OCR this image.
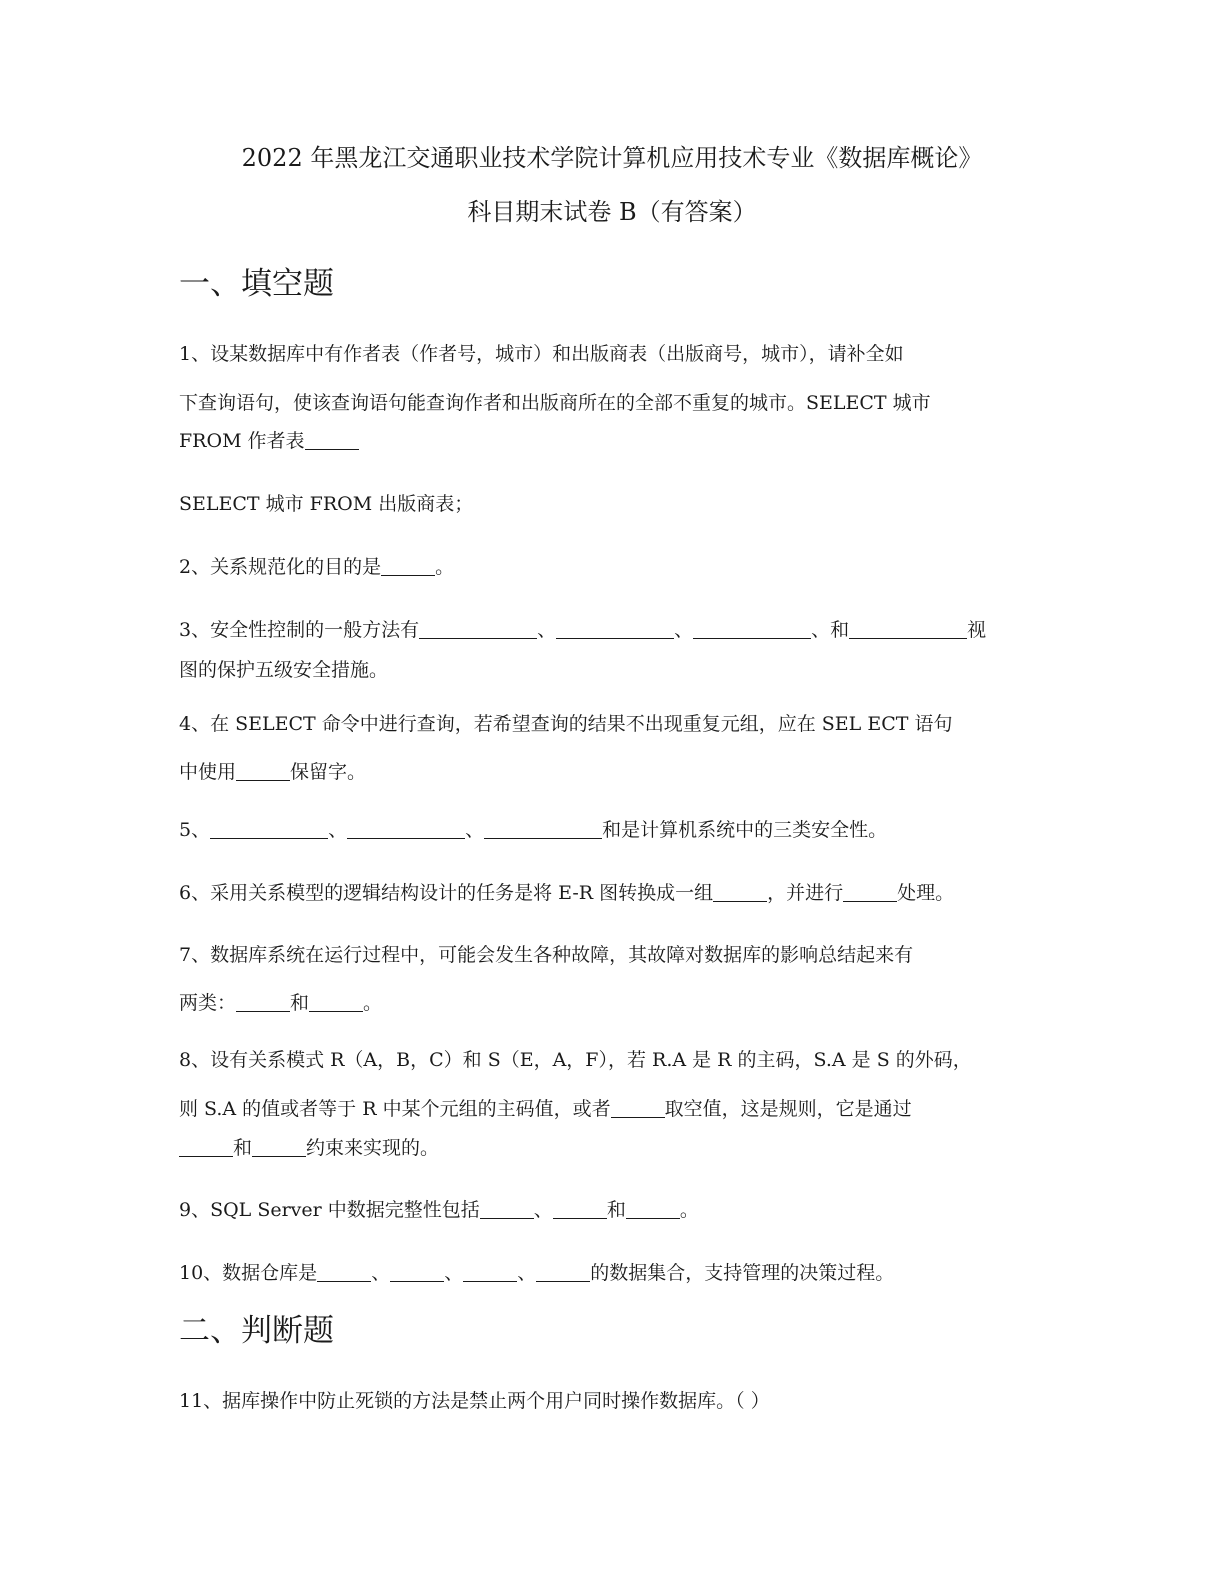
2022 年黑龙江交通职业技术学院计算机应用技术专业《数据库概论》
科目期末试卷 B（有答案）
一、填空题
1、设某数据库中有作者表（作者号，城市）和出版商表（出版商号，城市），请补全如
下查询语句，使该查询语句能查询作者和出版商所在的全部不重复的城市。SELECT 城市
FROM 作者表
SELECT 城市 FROM 出版商表；
2、关系规范化的目的是	。
3、安全性控制的一般方法有	、	、	、和	视
图的保护五级安全措施。
4、在 SELECT 命令中进行查询，若希望查询的结果不出现重复元组，应在 SEL ECT 语句
中使用	保留字。
5、	、	、	和是计算机系统中的三类安全性。
6、采用关系模型的逻辑结构设计的任务是将 E-R 图转换成一组	，并进行	处理。
7、数据库系统在运行过程中，可能会发生各种故障，其故障对数据库的影响总结起来有
两类：	和	。
8、设有关系模式 R（A，B，C）和 S（E，A，F），若 R.A 是 R 的主码，S.A 是 S 的外码，
则 S.A 的值或者等于 R 中某个元组的主码值，或者	取空值，这是规则，它是通过
和	约束来实现的。
9、SQL Server 中数据完整性包括	、	和	。
10、数据仓库是	、	、	、	的数据集合，支持管理的决策过程。
二、判断题
11、据库操作中防止死锁的方法是禁止两个用户同时操作数据库。（ ）
